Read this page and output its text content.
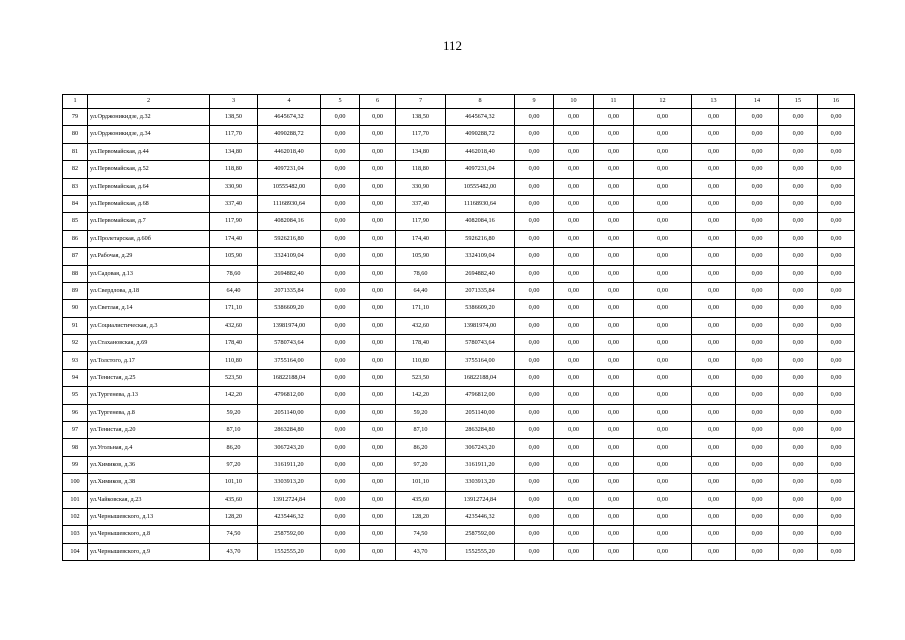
112
1	2	3	4	5	6	7	8	9	10	11	12	13	14	15	16
79	ул.Орджоникидзе, д.32	138,50	4645674,32	0,00	0,00	138,50	4645674,32	0,00	0,00	0,00	0,00	0,00	0,00	0,00	0,00
80	ул.Орджоникидзе, д.34	117,70	4090288,72	0,00	0,00	117,70	4090288,72	0,00	0,00	0,00	0,00	0,00	0,00	0,00	0,00
81	ул.Первомайская, д.44	134,80	4462018,40	0,00	0,00	134,80	4462018,40	0,00	0,00	0,00	0,00	0,00	0,00	0,00	0,00
82	ул.Первомайская, д.52	118,80	4097231,04	0,00	0,00	118,80	4097231,04	0,00	0,00	0,00	0,00	0,00	0,00	0,00	0,00
83	ул.Первомайская, д.64	330,90	10555482,00	0,00	0,00	330,90	10555482,00	0,00	0,00	0,00	0,00	0,00	0,00	0,00	0,00
84	ул.Первомайская, д.68	337,40	11168930,64	0,00	0,00	337,40	11168930,64	0,00	0,00	0,00	0,00	0,00	0,00	0,00	0,00
85	ул.Первомайская, д.7	117,90	4082084,16	0,00	0,00	117,90	4082084,16	0,00	0,00	0,00	0,00	0,00	0,00	0,00	0,00
86	ул.Пролетарская, д.60б	174,40	5926216,80	0,00	0,00	174,40	5926216,80	0,00	0,00	0,00	0,00	0,00	0,00	0,00	0,00
87	ул.Рабочая, д.29	105,90	3324109,04	0,00	0,00	105,90	3324109,04	0,00	0,00	0,00	0,00	0,00	0,00	0,00	0,00
88	ул.Садовая, д.13	78,60	2694882,40	0,00	0,00	78,60	2694882,40	0,00	0,00	0,00	0,00	0,00	0,00	0,00	0,00
89	ул.Свердлова, д.18	64,40	2071335,84	0,00	0,00	64,40	2071335,84	0,00	0,00	0,00	0,00	0,00	0,00	0,00	0,00
90	ул.Светлая, д.14	171,10	5386609,20	0,00	0,00	171,10	5386609,20	0,00	0,00	0,00	0,00	0,00	0,00	0,00	0,00
91	ул.Социалистическая, д.3	432,60	13981974,00	0,00	0,00	432,60	13981974,00	0,00	0,00	0,00	0,00	0,00	0,00	0,00	0,00
92	ул.Стахановская, д.69	178,40	5780743,64	0,00	0,00	178,40	5780743,64	0,00	0,00	0,00	0,00	0,00	0,00	0,00	0,00
93	ул.Толстого, д.17	110,80	3755164,00	0,00	0,00	110,80	3755164,00	0,00	0,00	0,00	0,00	0,00	0,00	0,00	0,00
94	ул.Тенистая, д.25	523,50	16822188,04	0,00	0,00	523,50	16822188,04	0,00	0,00	0,00	0,00	0,00	0,00	0,00	0,00
95	ул.Тургенева, д.13	142,20	4796812,00	0,00	0,00	142,20	4796812,00	0,00	0,00	0,00	0,00	0,00	0,00	0,00	0,00
96	ул.Тургенева, д.8	59,20	2051140,00	0,00	0,00	59,20	2051140,00	0,00	0,00	0,00	0,00	0,00	0,00	0,00	0,00
97	ул.Тенистая, д.20	87,10	2863284,80	0,00	0,00	87,10	2863284,80	0,00	0,00	0,00	0,00	0,00	0,00	0,00	0,00
98	ул.Угольная, д.4	86,20	3067243,20	0,00	0,00	86,20	3067243,20	0,00	0,00	0,00	0,00	0,00	0,00	0,00	0,00
99	ул.Химиков, д.36	97,20	3161911,20	0,00	0,00	97,20	3161911,20	0,00	0,00	0,00	0,00	0,00	0,00	0,00	0,00
100	ул.Химиков, д.38	101,10	3303913,20	0,00	0,00	101,10	3303913,20	0,00	0,00	0,00	0,00	0,00	0,00	0,00	0,00
101	ул.Чайковская, д.23	435,60	13912724,84	0,00	0,00	435,60	13912724,84	0,00	0,00	0,00	0,00	0,00	0,00	0,00	0,00
102	ул.Чернышевского, д.13	128,20	4235446,32	0,00	0,00	128,20	4235446,32	0,00	0,00	0,00	0,00	0,00	0,00	0,00	0,00
103	ул.Чернышевского, д.8	74,50	2587592,00	0,00	0,00	74,50	2587592,00	0,00	0,00	0,00	0,00	0,00	0,00	0,00	0,00
104	ул.Чернышевского, д.9	43,70	1552555,20	0,00	0,00	43,70	1552555,20	0,00	0,00	0,00	0,00	0,00	0,00	0,00	0,00
